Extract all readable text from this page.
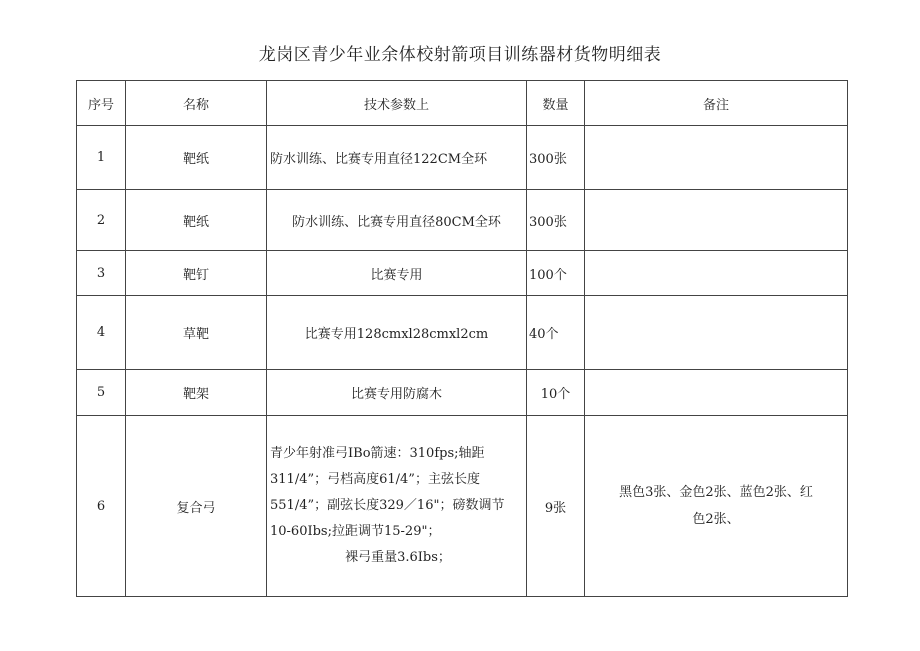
龙岗区青少年业余体校射箭项目训练器材货物明细表
序号	名称	技术参数上	数量	备注
1	靶纸	防水训练、比赛专用直径122CM全环	300张	
2	靶纸	防水训练、比赛专用直径80CM全环	300张	
3	靶钉	比赛专用	100个	
4	草靶	比赛专用128cmxl28cmxl2cm	40个	
5	靶架	比赛专用防腐木	10个	
6	复合弓	青少年射准弓IBo箭速：310fps;轴距
311/4”；弓档高度61/4”；主弦长度
551/4”；副弦长度329／16"；磅数调节
10-60Ibs;拉距调节15-29"；
裸弓重量3.6Ibs；	9张	黑色3张、金色2张、蓝色2张、红
色2张、
